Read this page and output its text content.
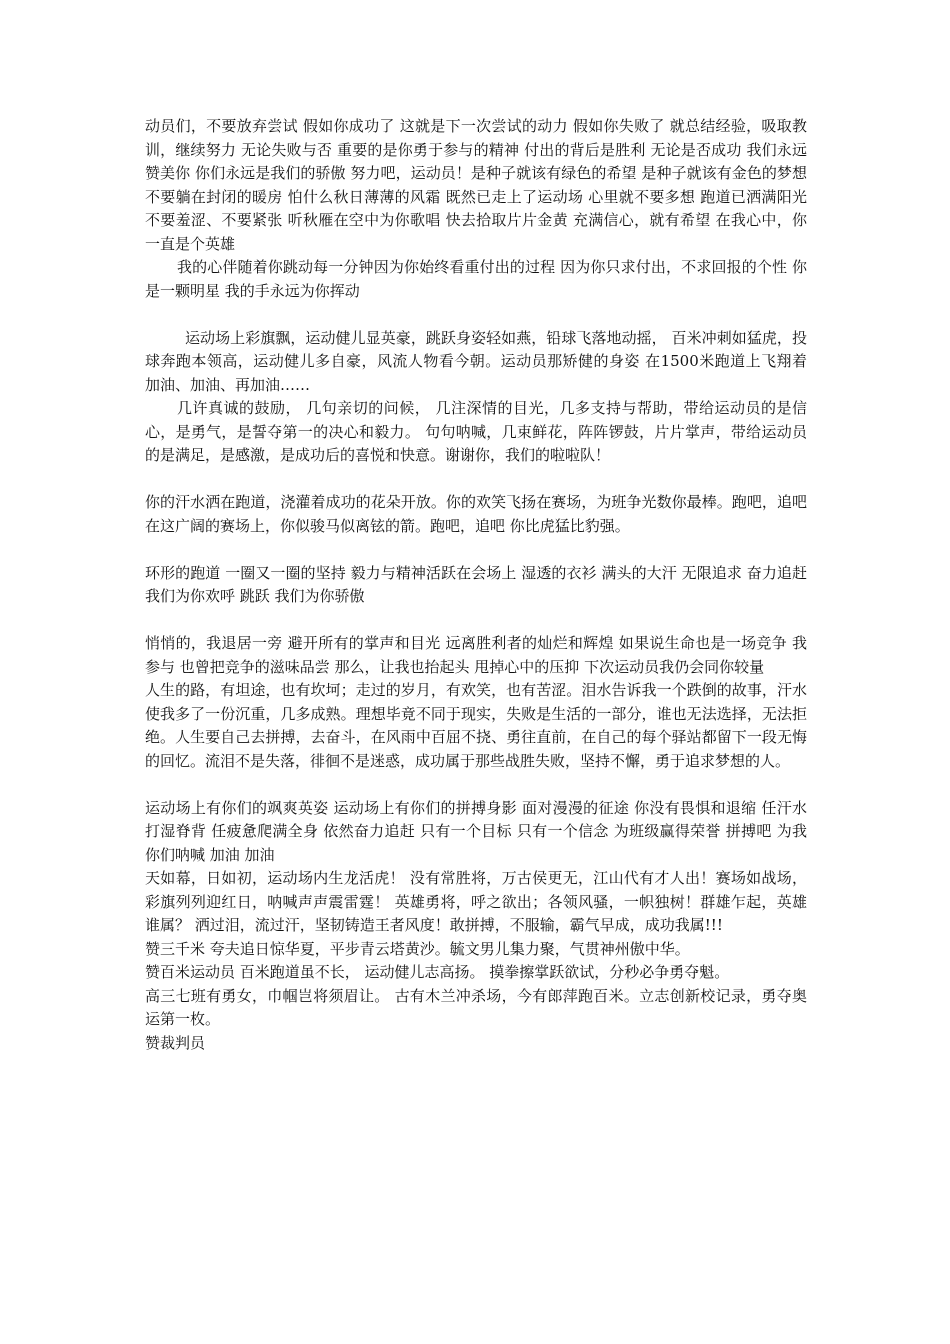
动员们，不要放弃尝试 假如你成功了 这就是下一次尝试的动力 假如你失败了 就总结经验，吸取教训，继续努力 无论失败与否 重要的是你勇于参与的精神 付出的背后是胜利 无论是否成功 我们永远赞美你 你们永远是我们的骄傲 努力吧，运动员！是种子就该有绿色的希望 是种子就该有金色的梦想 不要躺在封闭的暖房 怕什么秋日薄薄的风霜 既然已走上了运动场 心里就不要多想 跑道已洒满阳光不要羞涩、不要紧张 听秋雁在空中为你歌唱 快去拾取片片金黄 充满信心，就有希望 在我心中，你一直是个英雄

我的心伴随着你跳动每一分钟因为你始终看重付出的过程 因为你只求付出，不求回报的个性 你是一颗明星 我的手永远为你挥动

运动场上彩旗飘，运动健儿显英豪，跳跃身姿轻如燕，铅球飞落地动摇， 百米冲刺如猛虎，投球奔跑本领高，运动健儿多自豪，风流人物看今朝。运动员那矫健的身姿 在1500米跑道上飞翔着 加油、加油、再加油……

几许真诚的鼓励， 几句亲切的问候， 几注深情的目光，几多支持与帮助，带给运动员的是信心，是勇气，是誓夺第一的决心和毅力。 句句呐喊，几束鲜花，阵阵锣鼓，片片掌声，带给运动员的是满足，是感激，是成功后的喜悦和快意。谢谢你，我们的啦啦队！

你的汗水洒在跑道，浇灌着成功的花朵开放。你的欢笑飞扬在赛场，为班争光数你最棒。跑吧，追吧 在这广阔的赛场上，你似骏马似离铉的箭。跑吧，追吧 你比虎猛比豹强。

环形的跑道 一圈又一圈的坚持 毅力与精神活跃在会场上 湿透的衣衫 满头的大汗 无限追求 奋力追赶 我们为你欢呼 跳跃 我们为你骄傲

悄悄的，我退居一旁 避开所有的掌声和目光 远离胜利者的灿烂和辉煌 如果说生命也是一场竞争 我参与 也曾把竞争的滋味品尝 那么，让我也抬起头 甩掉心中的压抑 下次运动员我仍会同你较量

人生的路，有坦途，也有坎坷；走过的岁月，有欢笑，也有苦涩。泪水告诉我一个跌倒的故事，汗水使我多了一份沉重，几多成熟。理想毕竟不同于现实，失败是生活的一部分，谁也无法选择，无法拒绝。人生要自己去拼搏，去奋斗，在风雨中百屈不挠、勇往直前，在自己的每个驿站都留下一段无悔的回忆。流泪不是失落，徘徊不是迷惑，成功属于那些战胜失败，坚持不懈，勇于追求梦想的人。

运动场上有你们的飒爽英姿 运动场上有你们的拼搏身影 面对漫漫的征途 你没有畏惧和退缩 任汗水打湿脊背 任疲惫爬满全身 依然奋力追赶 只有一个目标 只有一个信念 为班级赢得荣誉 拼搏吧 为我你们呐喊 加油 加油

天如幕，日如初，运动场内生龙活虎！ 没有常胜将，万古侯更无，江山代有才人出！赛场如战场，彩旗列列迎红日，呐喊声声震雷霆！ 英雄勇将，呼之欲出；各领风骚，一帜独树！群雄乍起，英雄谁属？ 洒过泪，流过汗，坚韧铸造王者风度！敢拼搏，不服输，霸气早成，成功我属!!!

赞三千米 夸夫追日惊华夏，平步青云塔黄沙。毓文男儿集力聚，气贯神州傲中华。

赞百米运动员 百米跑道虽不长， 运动健儿志高扬。 摸拳擦掌跃欲试，分秒必争勇夺魁。

高三七班有勇女，巾帼岂将须眉让。 古有木兰冲杀场，今有郎萍跑百米。立志创新校记录，勇夺奥运第一枚。

赞裁判员
